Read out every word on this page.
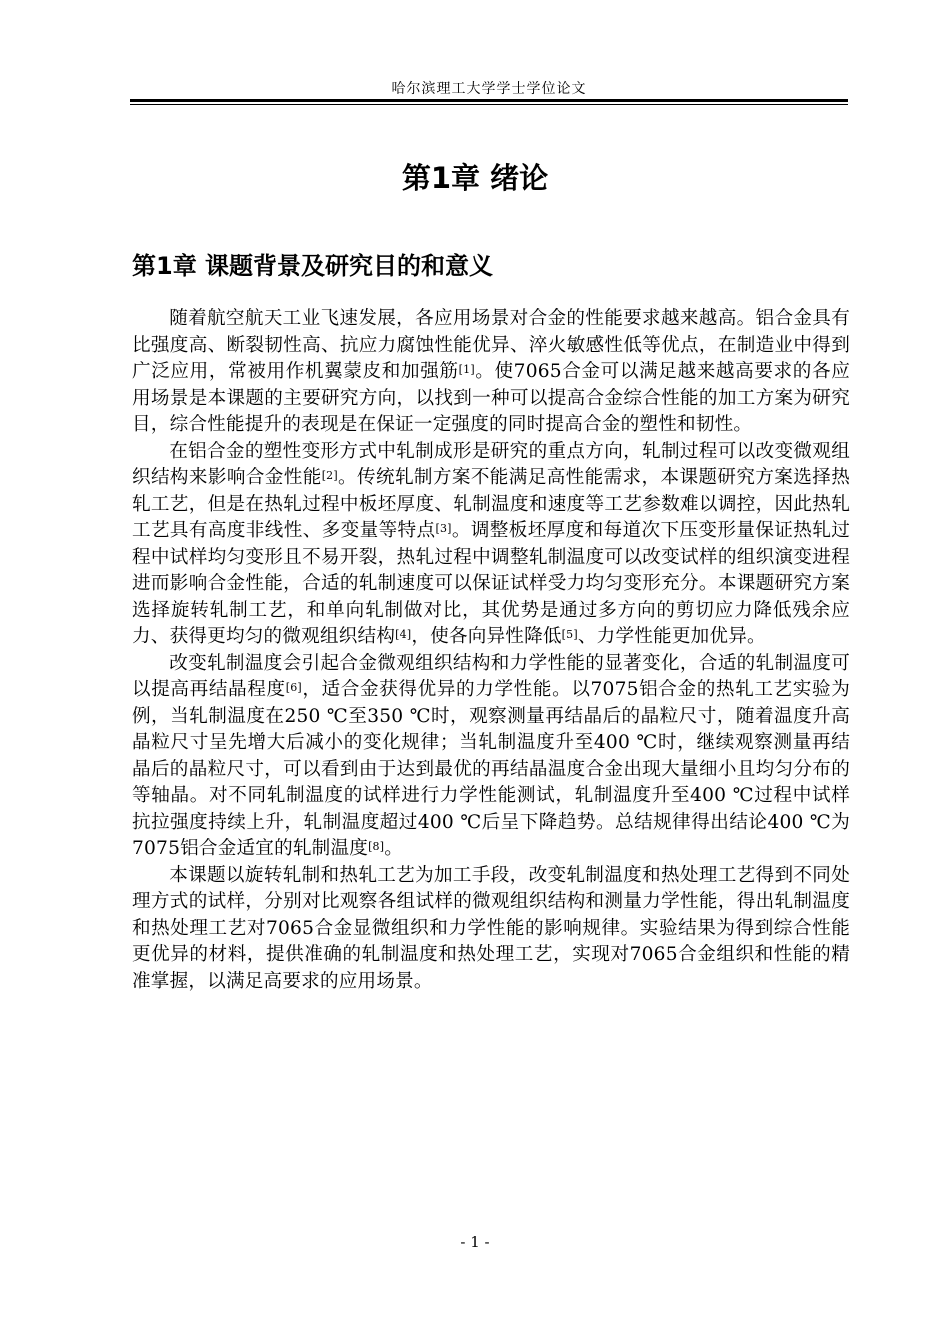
哈尔滨理工大学学士学位论文
第1章 绪论
第1章 课题背景及研究目的和意义

随着航空航天工业飞速发展，各应用场景对合金的性能要求越来越高。铝合金具有比强度高、断裂韧性高、抗应力腐蚀性能优异、淬火敏感性低等优点，在制造业中得到广泛应用，常被用作机翼蒙皮和加强筋[1]。使7065合金可以满足越来越高要求的各应用场景是本课题的主要研究方向，以找到一种可以提高合金综合性能的加工方案为研究目，综合性能提升的表现是在保证一定强度的同时提高合金的塑性和韧性。

在铝合金的塑性变形方式中轧制成形是研究的重点方向，轧制过程可以改变微观组织结构来影响合金性能[2]。传统轧制方案不能满足高性能需求，本课题研究方案选择热轧工艺，但是在热轧过程中板坯厚度、轧制温度和速度等工艺参数难以调控，因此热轧工艺具有高度非线性、多变量等特点[3]。调整板坯厚度和每道次下压变形量保证热轧过程中试样均匀变形且不易开裂，热轧过程中调整轧制温度可以改变试样的组织演变进程进而影响合金性能，合适的轧制速度可以保证试样受力均匀变形充分。本课题研究方案选择旋转轧制工艺，和单向轧制做对比，其优势是通过多方向的剪切应力降低残余应力、获得更均匀的微观组织结构[4]，使各向异性降低[5]、力学性能更加优异。

改变轧制温度会引起合金微观组织结构和力学性能的显著变化，合适的轧制温度可以提高再结晶程度[6]，适合金获得优异的力学性能。以7075铝合金的热轧工艺实验为例，当轧制温度在250 ℃至350 ℃时，观察测量再结晶后的晶粒尺寸，随着温度升高晶粒尺寸呈先增大后减小的变化规律；当轧制温度升至400 ℃时，继续观察测量再结晶后的晶粒尺寸，可以看到由于达到最优的再结晶温度合金出现大量细小且均匀分布的等轴晶。对不同轧制温度的试样进行力学性能测试，轧制温度升至400 ℃过程中试样抗拉强度持续上升，轧制温度超过400 ℃后呈下降趋势。总结规律得出结论400 ℃为7075铝合金适宜的轧制温度[8]。

本课题以旋转轧制和热轧工艺为加工手段，改变轧制温度和热处理工艺得到不同处理方式的试样，分别对比观察各组试样的微观组织结构和测量力学性能，得出轧制温度和热处理工艺对7065合金显微组织和力学性能的影响规律。实验结果为得到综合性能更优异的材料，提供准确的轧制温度和热处理工艺，实现对7065合金组织和性能的精准掌握，以满足高要求的应用场景。

- 1 -
